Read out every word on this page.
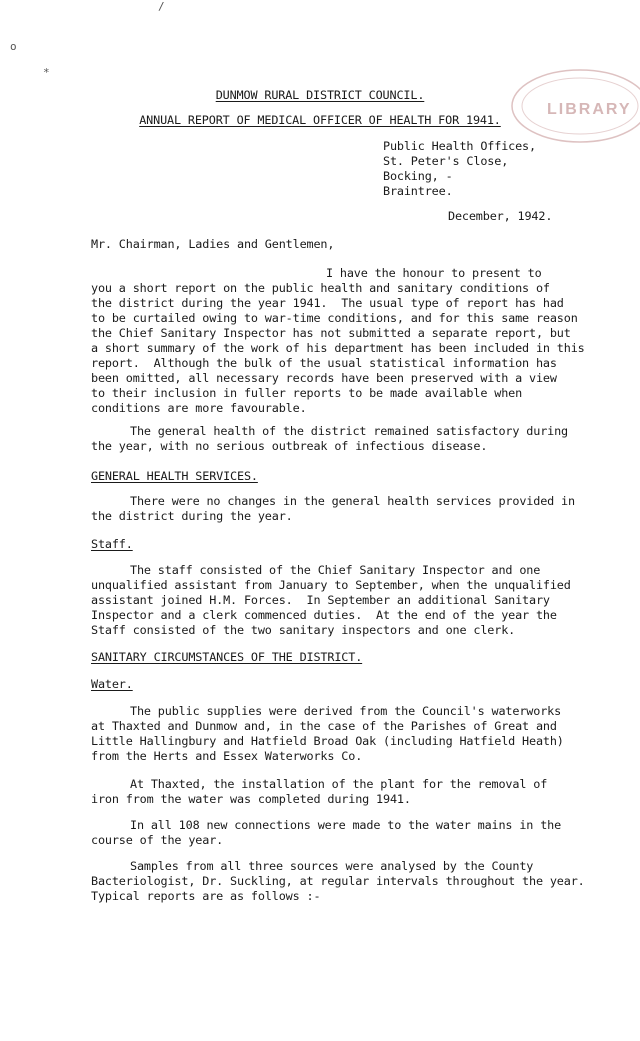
/
o
*
LIBRARY
DUNMOW RURAL DISTRICT COUNCIL.
ANNUAL REPORT OF MEDICAL OFFICER OF HEALTH FOR 1941.
Public Health Offices,
St. Peter's Close,
Bocking, -
Braintree.
December, 1942.
Mr. Chairman, Ladies and Gentlemen,
I have the honour to present to
you a short report on the public health and sanitary conditions of
the district during the year 1941.  The usual type of report has had
to be curtailed owing to war-time conditions, and for this same reason
the Chief Sanitary Inspector has not submitted a separate report, but
a short summary of the work of his department has been included in this
report.  Although the bulk of the usual statistical information has
been omitted, all necessary records have been preserved with a view
to their inclusion in fuller reports to be made available when
conditions are more favourable.
The general health of the district remained satisfactory during
the year, with no serious outbreak of infectious disease.
GENERAL HEALTH SERVICES.
There were no changes in the general health services provided in
the district during the year.
Staff.
The staff consisted of the Chief Sanitary Inspector and one
unqualified assistant from January to September, when the unqualified
assistant joined H.M. Forces.  In September an additional Sanitary
Inspector and a clerk commenced duties.  At the end of the year the
Staff consisted of the two sanitary inspectors and one clerk.
SANITARY CIRCUMSTANCES OF THE DISTRICT.
Water.
The public supplies were derived from the Council's waterworks
at Thaxted and Dunmow and, in the case of the Parishes of Great and
Little Hallingbury and Hatfield Broad Oak (including Hatfield Heath)
from the Herts and Essex Waterworks Co.
At Thaxted, the installation of the plant for the removal of
iron from the water was completed during 1941.
In all 108 new connections were made to the water mains in the
course of the year.
Samples from all three sources were analysed by the County
Bacteriologist, Dr. Suckling, at regular intervals throughout the year.
Typical reports are as follows :-
